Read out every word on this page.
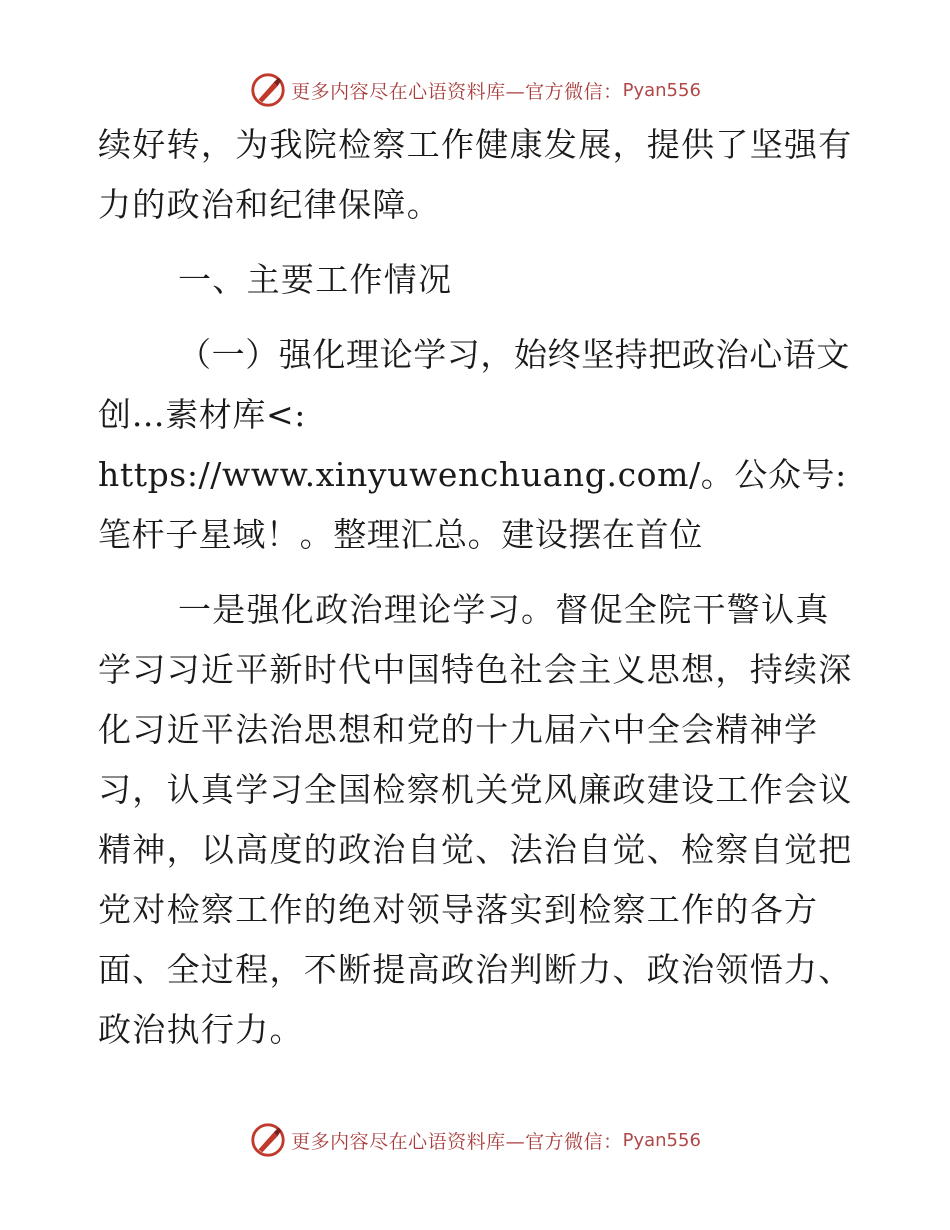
更多内容尽在心语资料库—官方微信： Pyan556

续好转，为我院检察工作健康发展，提供了坚强有力的政治和纪律保障。

一、主要工作情况

（一）强化理论学习，始终坚持把政治心语文创…素材库<: https://www.xinyuwenchuang.com/。公众号: 笔杆子星域！。整理汇总。建设摆在首位

一是强化政治理论学习。督促全院干警认真学习习近平新时代中国特色社会主义思想，持续深化习近平法治思想和党的十九届六中全会精神学习，认真学习全国检察机关党风廉政建设工作会议精神，以高度的政治自觉、法治自觉、检察自觉把党对检察工作的绝对领导落实到检察工作的各方面、全过程，不断提高政治判断力、政治领悟力、政治执行力。

更多内容尽在心语资料库—官方微信： Pyan556
